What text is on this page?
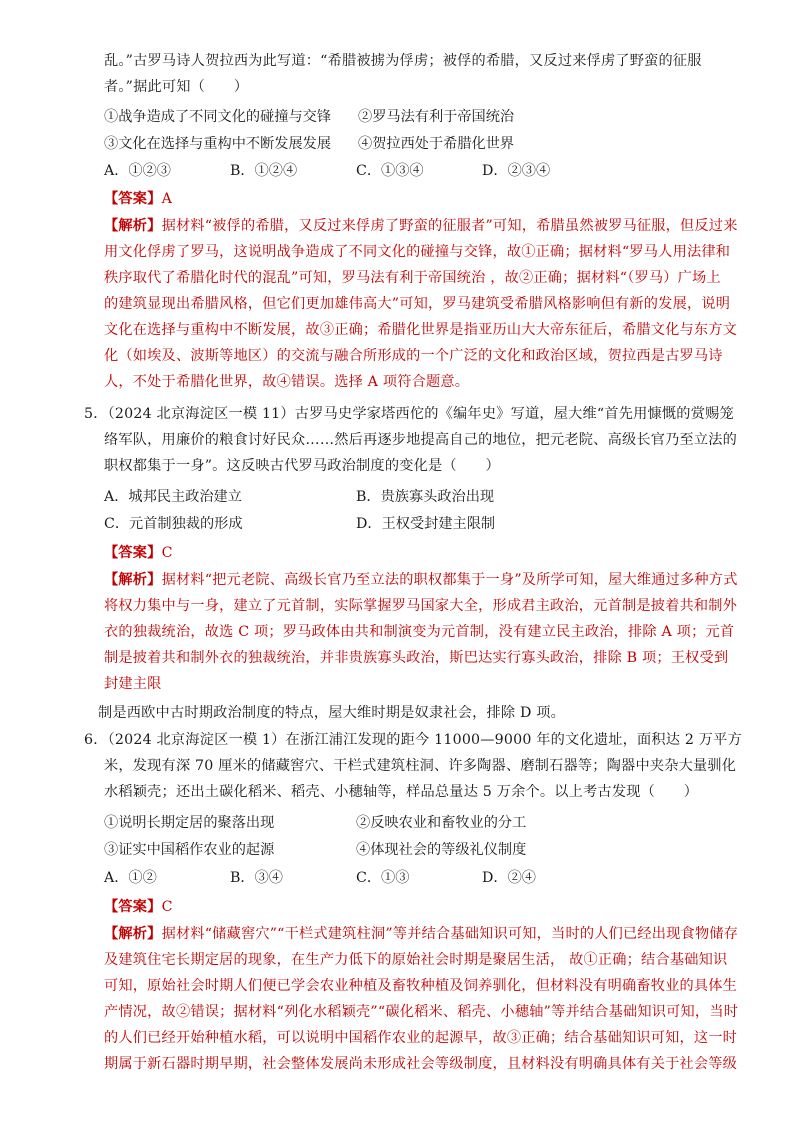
乱。”古罗马诗人贺拉西为此写道：“希腊被掳为俘虏；被俘的希腊，又反过来俘虏了野蛮的征服
者。”据此可知（　　）
①战争造成了不同文化的碰撞与交锋 ②罗马法有利于帝国统治
③文化在选择与重构中不断发展发展 ④贺拉西处于希腊化世界
A．①②③	B．①②④	C．①③④	D．②③④
【答案】A
【解析】据材料“被俘的希腊，又反过来俘虏了野蛮的征服者”可知，希腊虽然被罗马征服，但反过来
用文化俘虏了罗马，这说明战争造成了不同文化的碰撞与交锋，故①正确；据材料“罗马人用法律和
秩序取代了希腊化时代的混乱”可知，罗马法有利于帝国统治 ，故②正确；据材料“（罗马）广场上
的建筑显现出希腊风格，但它们更加雄伟高大”可知，罗马建筑受希腊风格影响但有新的发展，说明
文化在选择与重构中不断发展，故③正确；希腊化世界是指亚历山大大帝东征后，希腊文化与东方文
化（如埃及、波斯等地区）的交流与融合所形成的一个广泛的文化和政治区域，贺拉西是古罗马诗
人，不处于希腊化世界，故④错误。选择 A 项符合题意。
5．（2024 北京海淀区一模 11）古罗马史学家塔西佗的《编年史》写道，屋大维“首先用慷慨的赏赐笼
络军队，用廉价的粮食讨好民众……然后再逐步地提高自己的地位，把元老院、高级长官乃至立法的
职权都集于一身”。这反映古代罗马政治制度的变化是（　　）
A．城邦民主政治建立	B．贵族寡头政治出现
C．元首制独裁的形成	D．王权受封建主限制
【答案】C
【解析】据材料“把元老院、高级长官乃至立法的职权都集于一身”及所学可知，屋大维通过多种方式
将权力集中与一身，建立了元首制，实际掌握罗马国家大全，形成君主政治，元首制是披着共和制外
衣的独裁统治，故选 C 项；罗马政体由共和制演变为元首制，没有建立民主政治，排除 A 项；元首
制是披着共和制外衣的独裁统治，并非贵族寡头政治，斯巴达实行寡头政治，排除 B 项；王权受到
封建主限
制是西欧中古时期政治制度的特点，屋大维时期是奴隶社会，排除 D 项。
6．（2024 北京海淀区一模 1）在浙江浦江发现的距今 11000—9000 年的文化遗址，面积达 2 万平方
米，发现有深 70 厘米的储藏窖穴、干栏式建筑柱洞、许多陶器、磨制石器等；陶器中夹杂大量驯化
水稻颖壳；还出土碳化稻米、稻壳、小穗轴等，样品总量达 5 万余个。以上考古发现（　　）
①说明长期定居的聚落出现	②反映农业和畜牧业的分工
③证实中国稻作农业的起源	④体现社会的等级礼仪制度
A．①②	B．③④	C．①③	D．②④
【答案】C
【解析】据材料“储藏窖穴”“干栏式建筑柱洞”等并结合基础知识可知，当时的人们已经出现食物储存
及建筑住宅长期定居的现象，在生产力低下的原始社会时期是聚居生活， 故①正确；结合基础知识
可知，原始社会时期人们便已学会农业种植及畜牧种植及饲养驯化，但材料没有明确畜牧业的具体生
产情况，故②错误；据材料“列化水稻颖壳”“碳化稻米、稻壳、小穗轴”等并结合基础知识可知，当时
的人们已经开始种植水稻，可以说明中国稻作农业的起源早，故③正确；结合基础知识可知，这一时
期属于新石器时期早期，社会整体发展尚未形成社会等级制度，且材料没有明确具体有关于社会等级
